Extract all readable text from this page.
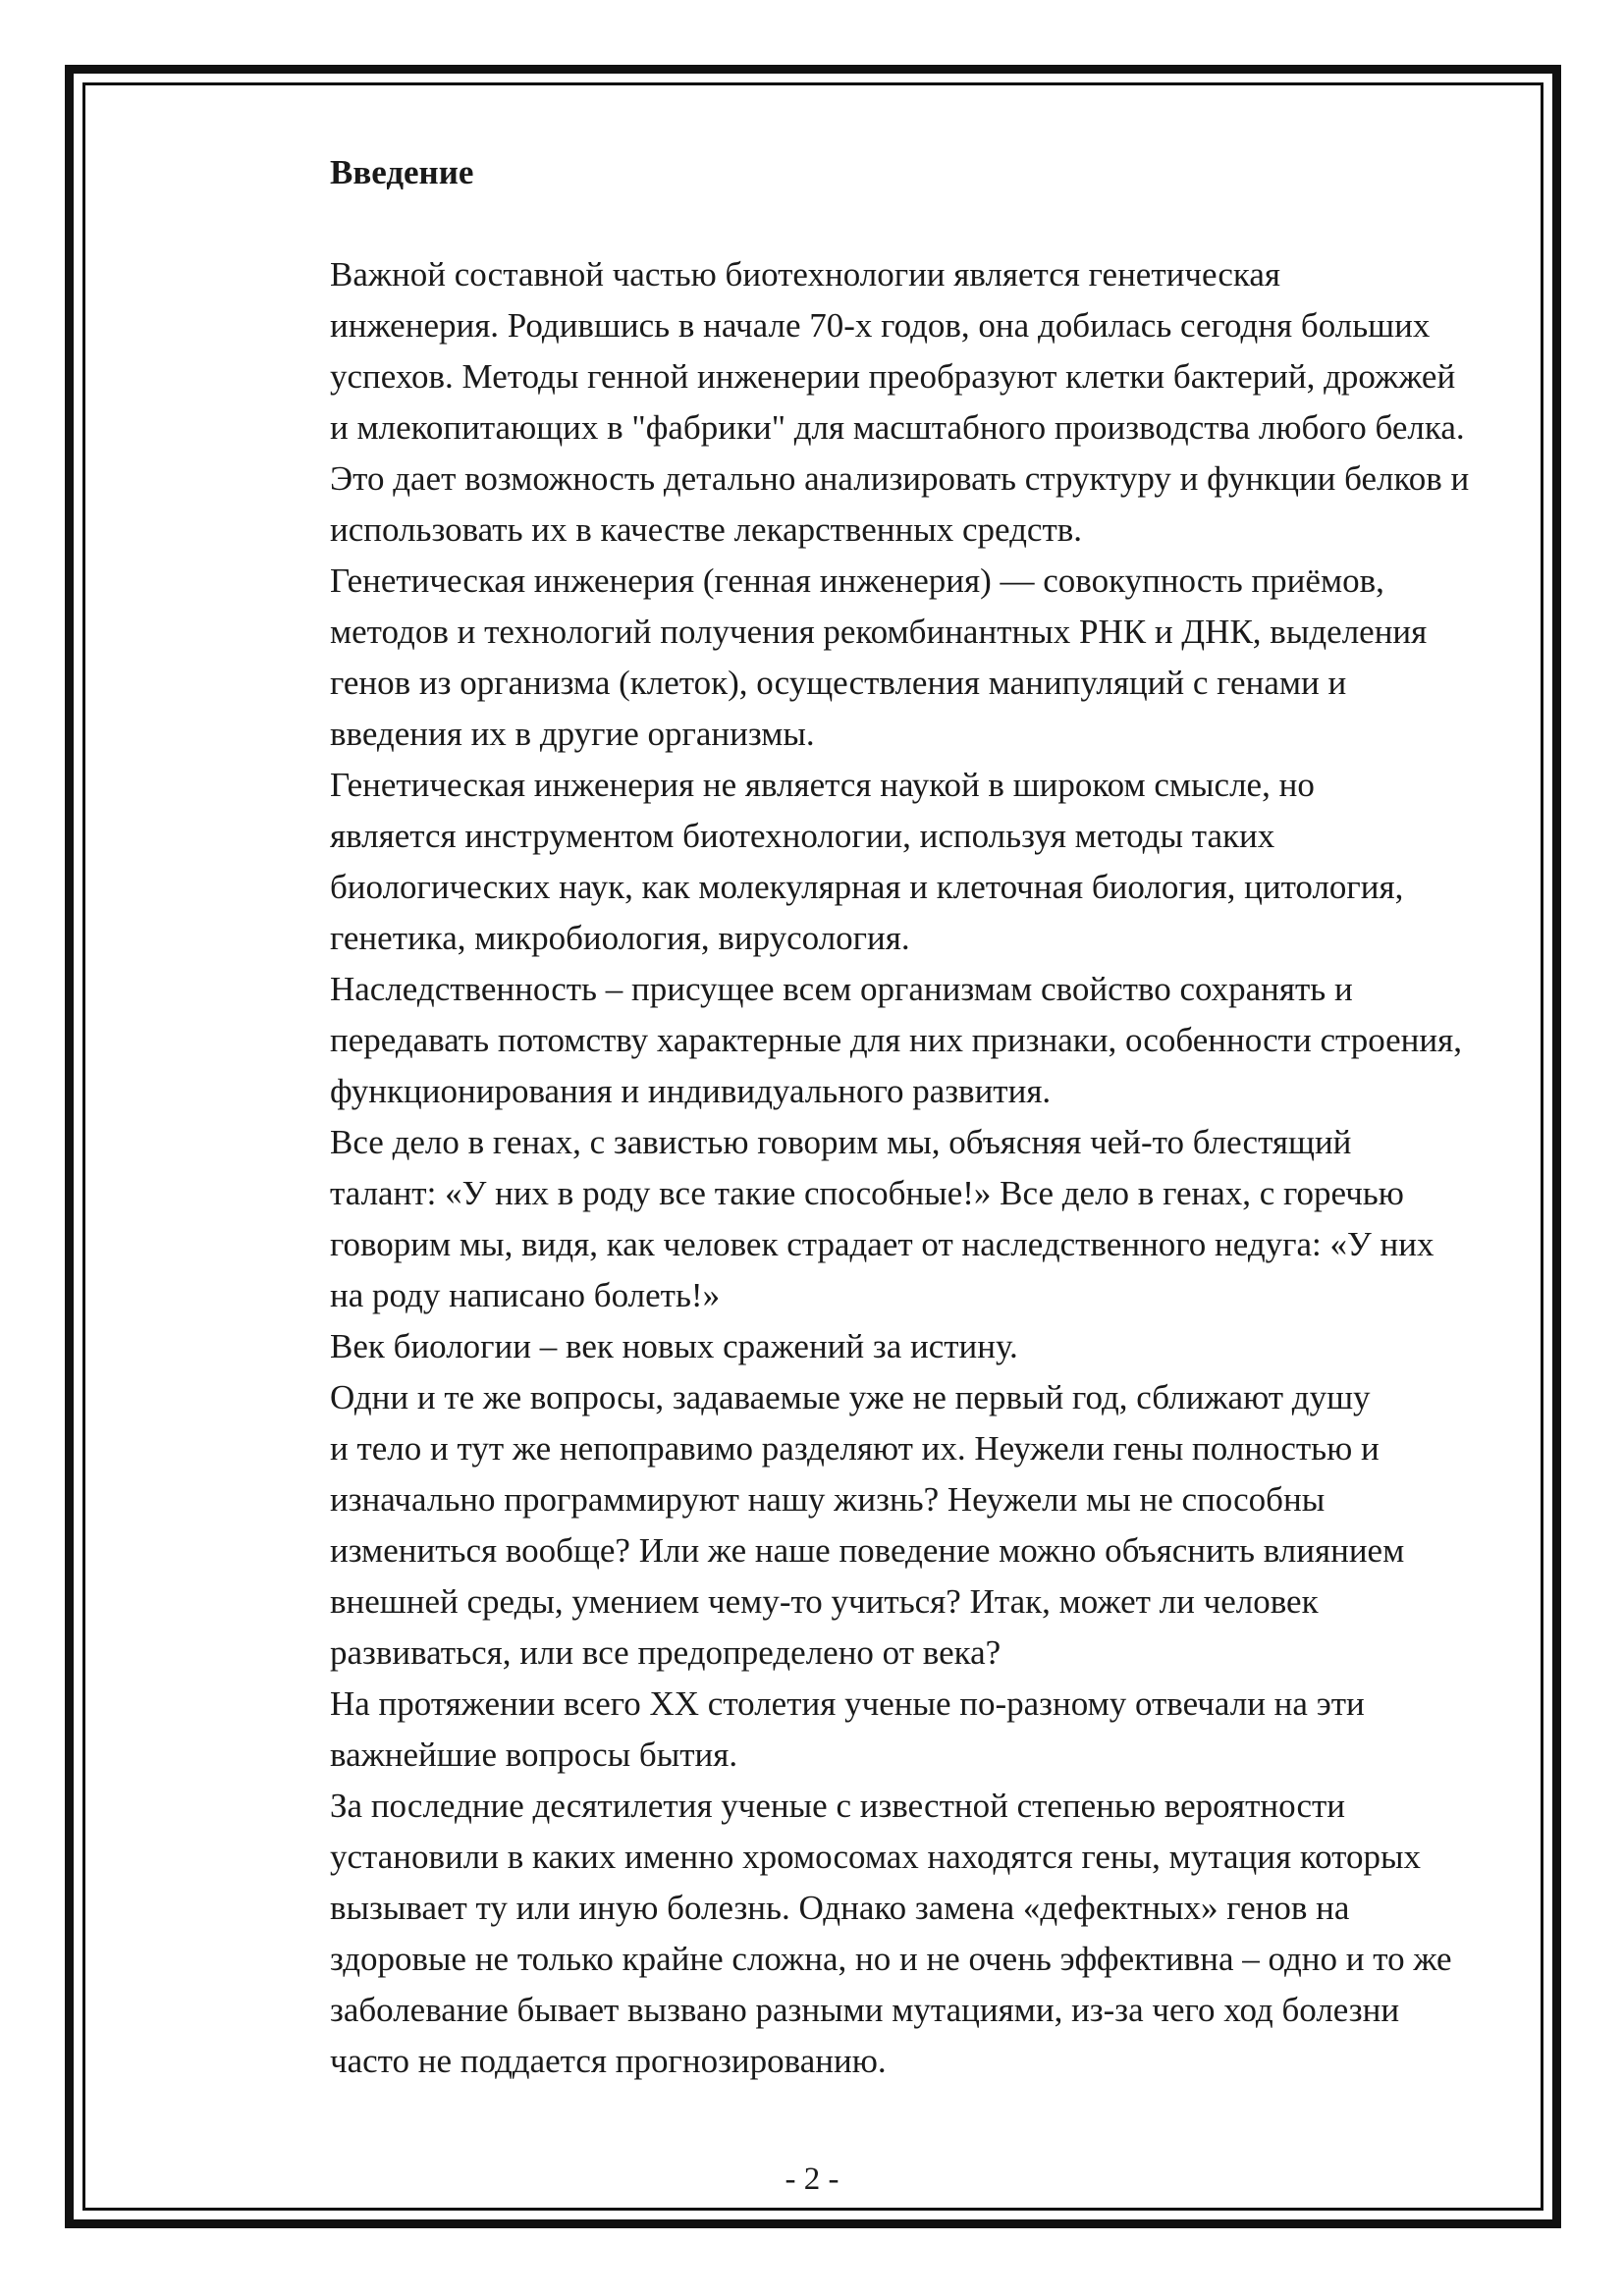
Введение
Важной составной частью биотехнологии является генетическая
инженерия. Родившись в начале 70-х годов, она добилась сегодня больших
успехов. Методы генной инженерии преобразуют клетки бактерий, дрожжей
и млекопитающих в "фабрики" для масштабного производства любого белка.
Это дает возможность детально анализировать структуру и функции белков и
использовать их в качестве лекарственных средств.
Генетическая инженерия (генная инженерия) — совокупность приёмов,
методов и технологий получения рекомбинантных РНК и ДНК, выделения
генов из организма (клеток), осуществления манипуляций с генами и
введения их в другие организмы.
Генетическая инженерия не является наукой в широком смысле, но
является инструментом биотехнологии, используя методы таких
биологических наук, как молекулярная и клеточная биология, цитология,
генетика, микробиология, вирусология.
Наследственность – присущее всем организмам свойство сохранять и
передавать потомству характерные для них признаки, особенности строения,
функционирования и индивидуального развития.
Все дело в генах, с завистью говорим мы, объясняя чей-то блестящий
талант: «У них в роду все такие способные!» Все дело в генах, с горечью
говорим мы, видя, как человек страдает от наследственного недуга: «У них
на роду написано болеть!»
Век биологии – век новых сражений за истину.
Одни и те же вопросы, задаваемые уже не первый год, сближают душу
и тело и тут же непоправимо разделяют их. Неужели гены полностью и
изначально программируют нашу жизнь? Неужели мы не способны
измениться вообще? Или же наше поведение можно объяснить влиянием
внешней среды, умением чему-то учиться? Итак, может ли человек
развиваться, или все предопределено от века?
На протяжении всего XX столетия ученые по-разному отвечали на эти
важнейшие вопросы бытия.
За последние десятилетия ученые с известной степенью вероятности
установили в каких именно хромосомах находятся гены, мутация которых
вызывает ту или иную болезнь. Однако замена «дефектных» генов на
здоровые не только крайне сложна, но и не очень эффективна – одно и то же
заболевание бывает вызвано разными мутациями, из-за чего ход болезни
часто не поддается прогнозированию.
- 2 -
